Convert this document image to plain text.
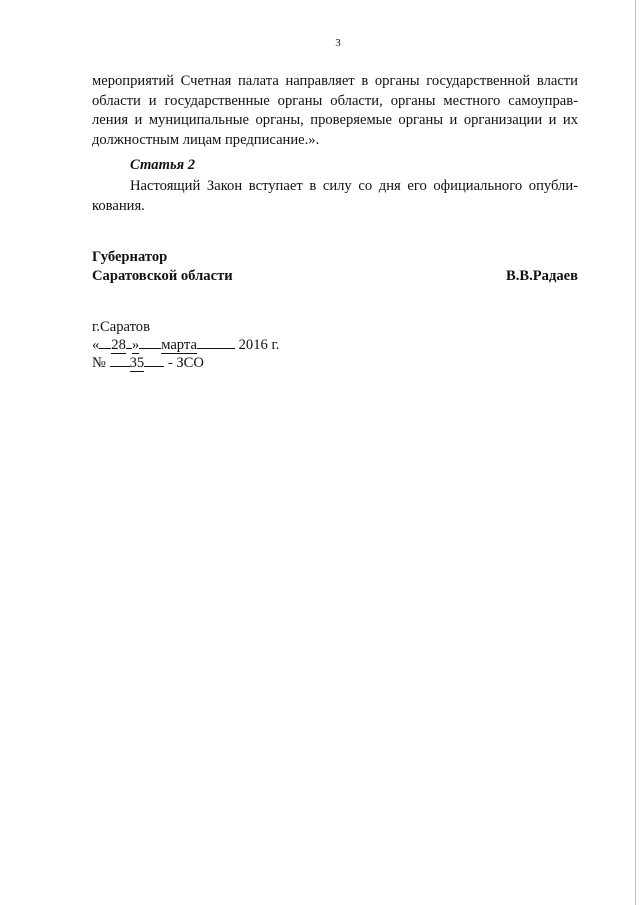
3
мероприятий Счетная палата направляет в органы государственной власти
области и государственные органы области, органы местного самоуправ-
ления и муниципальные органы, проверяемые органы и организации и их
должностным лицам предписание.».
Статья 2
Настоящий Закон вступает в силу со дня его официального опубли-
кования.
Губернатор
Саратовской области	В.В.Радаев
г.Саратов
« 28 » марта	2016 г.
№ 35 - ЗСО
